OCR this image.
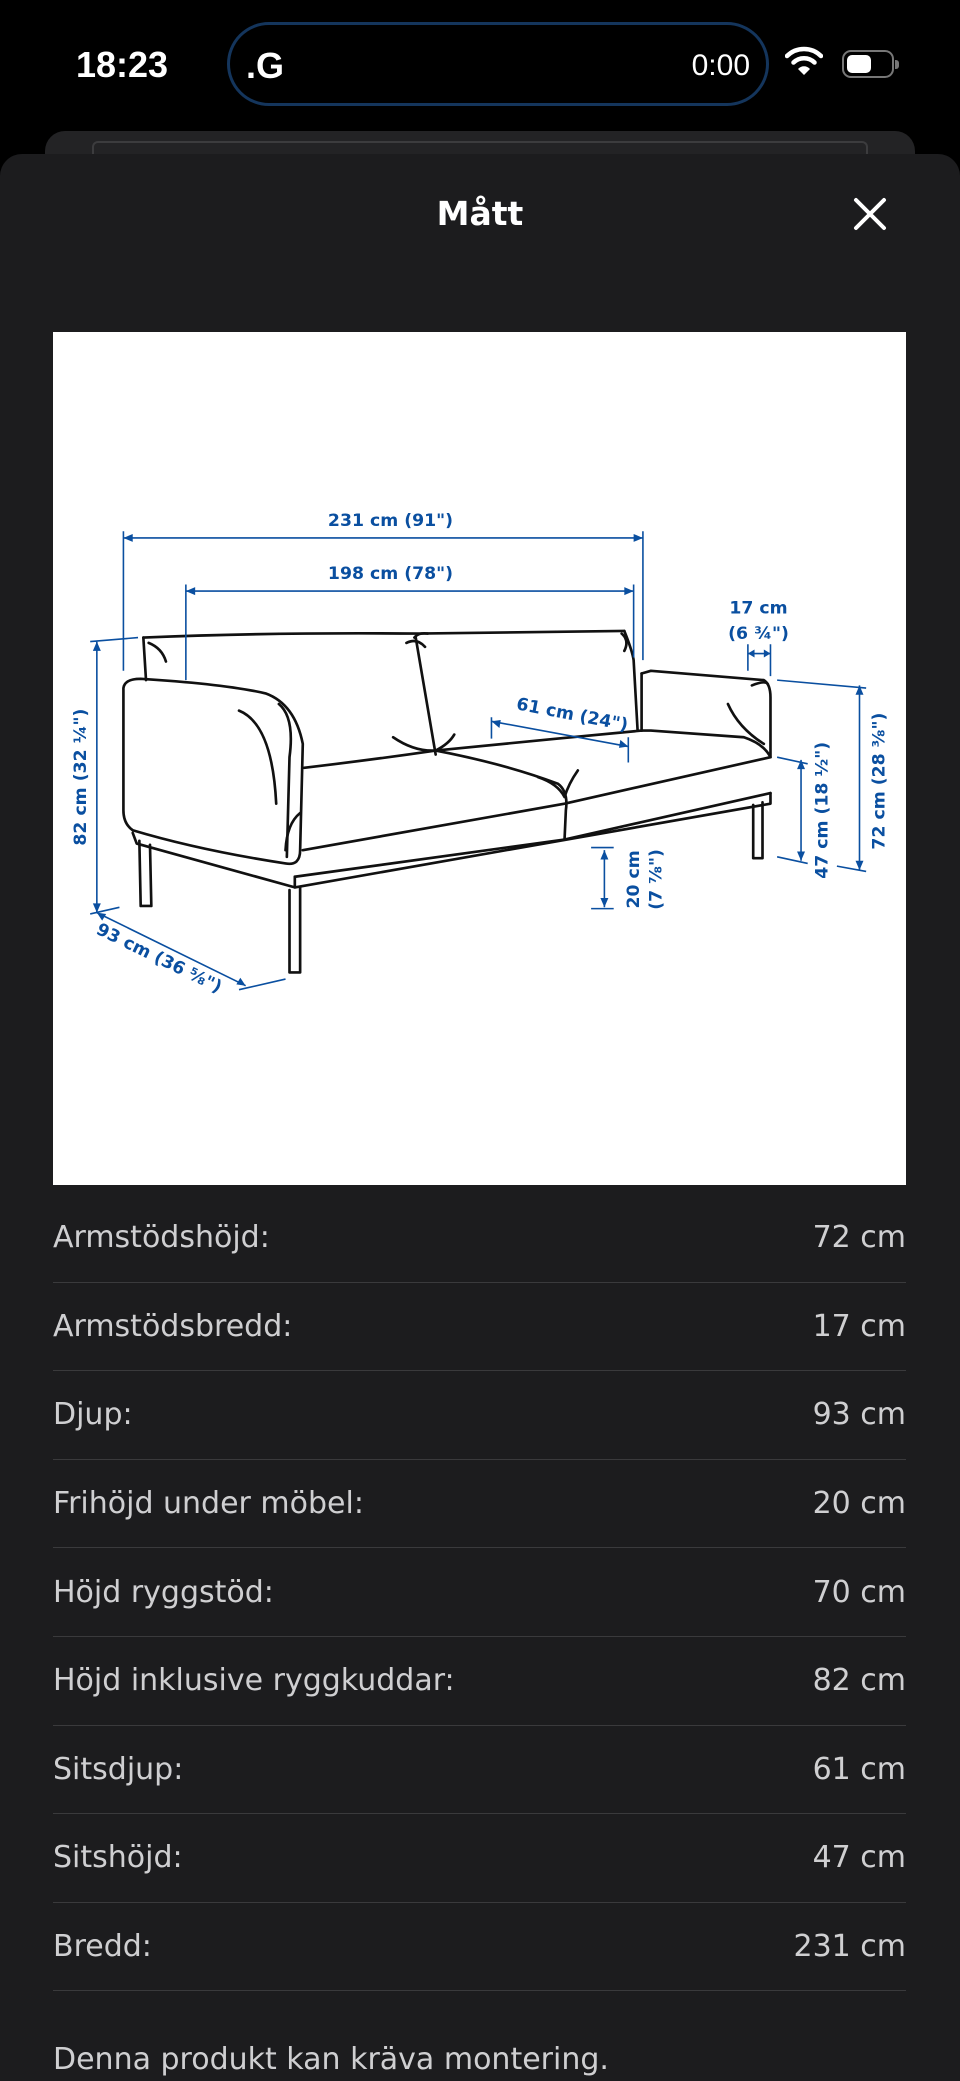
18:23 .G	0:00
Mått
231 cm (91")
198 cm (78")
17 cm
(6 ¾")
82 cm (32 ¼")
93 cm (36 ⅝")
61 cm (24")
20 cm (7 ⅞")
47 cm (18 ½")	72 cm (28 ⅜")
Armstödshöjd:	72 cm
Armstödsbredd:	17 cm
Djup:	93 cm
Frihöjd under möbel:	20 cm
Höjd ryggstöd:	70 cm
Höjd inklusive ryggkuddar:	82 cm
Sitsdjup:	61 cm
Sitshöjd:	47 cm
Bredd:	231 cm
Denna produkt kan kräva montering.
